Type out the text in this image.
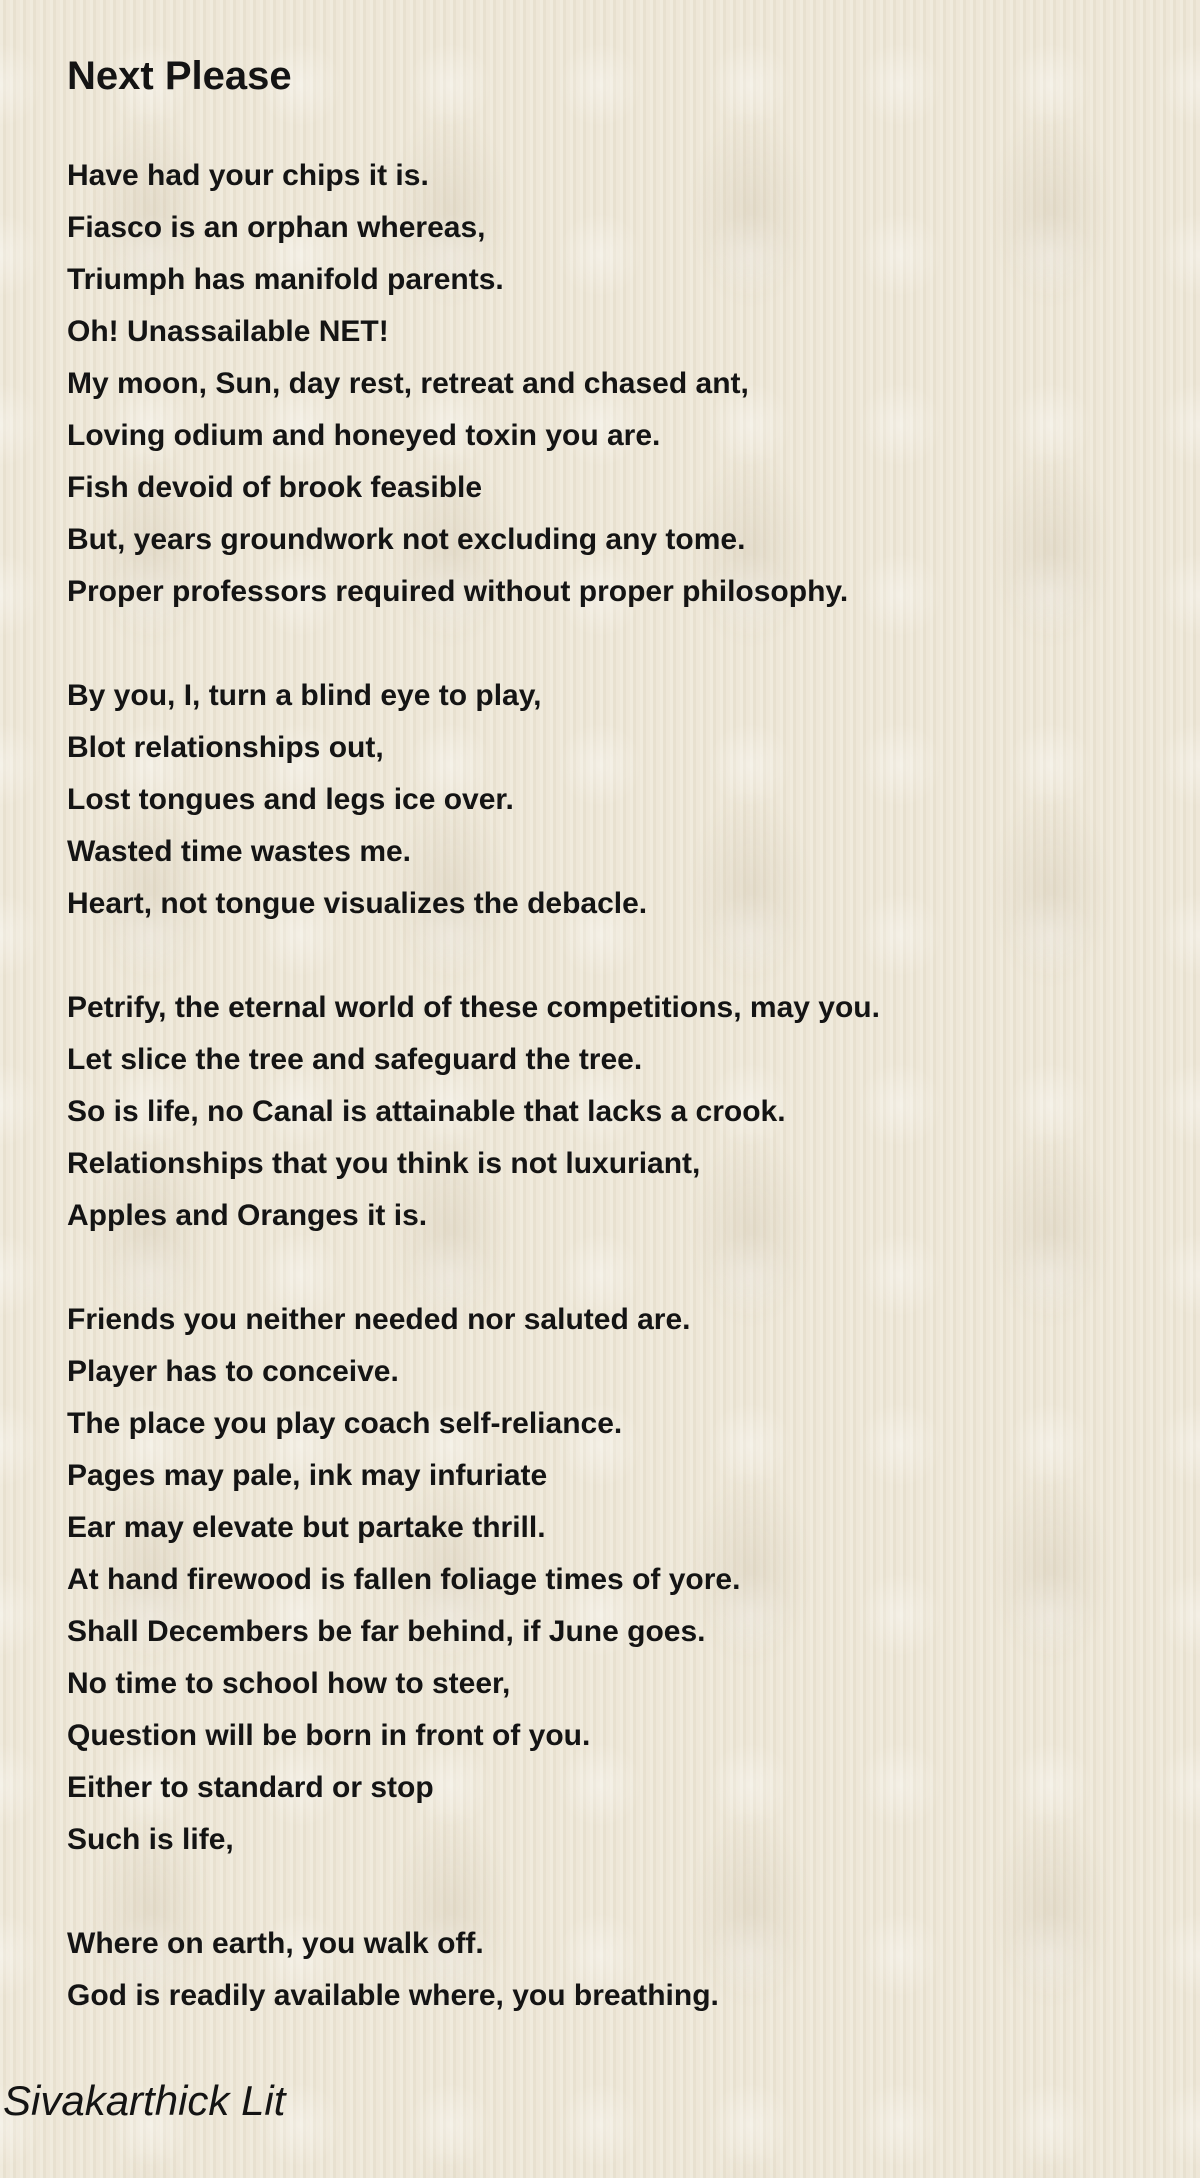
Next Please
Have had your chips it is.
Fiasco is an orphan whereas,
Triumph has manifold parents.
Oh! Unassailable NET!
My moon, Sun, day rest, retreat and chased ant,
Loving odium and honeyed toxin you are.
Fish devoid of brook feasible
But, years groundwork not excluding any tome.
Proper professors required without proper philosophy.
By you, I, turn a blind eye to play,
Blot relationships out,
Lost tongues and legs ice over.
Wasted time wastes me.
Heart, not tongue visualizes the debacle.
Petrify, the eternal world of these competitions, may you.
Let slice the tree and safeguard the tree.
So is life, no Canal is attainable that lacks a crook.
Relationships that you think is not luxuriant,
Apples and Oranges it is.
Friends you neither needed nor saluted are.
Player has to conceive.
The place you play coach self-reliance.
Pages may pale, ink may infuriate
Ear may elevate but partake thrill.
At hand firewood is fallen foliage times of yore.
Shall Decembers be far behind, if June goes.
No time to school how to steer,
Question will be born in front of you.
Either to standard or stop
Such is life,
Where on earth, you walk off.
God is readily available where, you breathing.
Sivakarthick Lit
